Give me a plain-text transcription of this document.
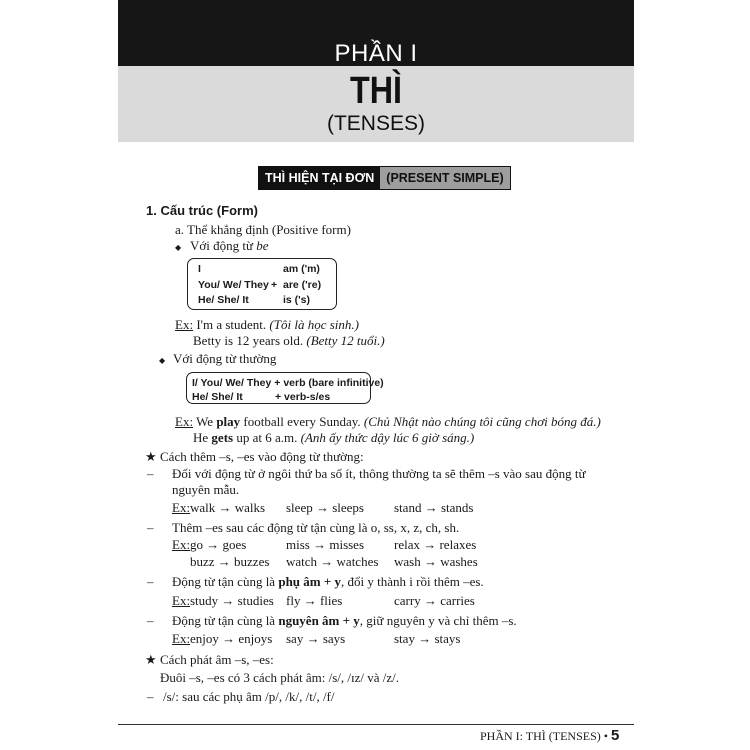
PHẦN I
THÌ
(TENSES)
THÌ HIỆN TẠI ĐƠN (PRESENT SIMPLE)
1. Cấu trúc (Form)
a. Thể khẳng định (Positive form)
◆ Với động từ be
I	am ('m)
You/ We/ They + are ('re)
He/ She/ It	is ('s)
Ex: I'm a student. (Tôi là học sinh.)
Betty is 12 years old. (Betty 12 tuổi.)
◆ Với động từ thường
I/ You/ We/ They + verb (bare infinitive)
He/ She/ It	+ verb-s/es
Ex: We play football every Sunday. (Chủ Nhật nào chúng tôi cũng chơi bóng đá.)
He gets up at 6 a.m. (Anh ấy thức dậy lúc 6 giờ sáng.)
★ Cách thêm –s, –es vào động từ thường:
– Đối với động từ ở ngôi thứ ba số ít, thông thường ta sẽ thêm –s vào sau động từ
nguyên mẫu.
Ex: walk → walks sleep → sleeps stand → stands
– Thêm –es sau các động từ tận cùng là o, ss, x, z, ch, sh.
Ex: go → goes	miss → misses relax → relaxes
buzz → buzzes watch → watches wash → washes
– Động từ tận cùng là phụ âm + y, đổi y thành i rồi thêm –es.
Ex: study → studies fly → flies	carry → carries
– Động từ tận cùng là nguyên âm + y, giữ nguyên y và chỉ thêm –s.
Ex: enjoy → enjoys say → says	stay → stays
★ Cách phát âm –s, –es:
Đuôi –s, –es có 3 cách phát âm: /s/, /ɪz/ và /z/.
– /s/: sau các phụ âm /p/, /k/, /t/, /f/
PHẦN I: THÌ (TENSES) • 5
